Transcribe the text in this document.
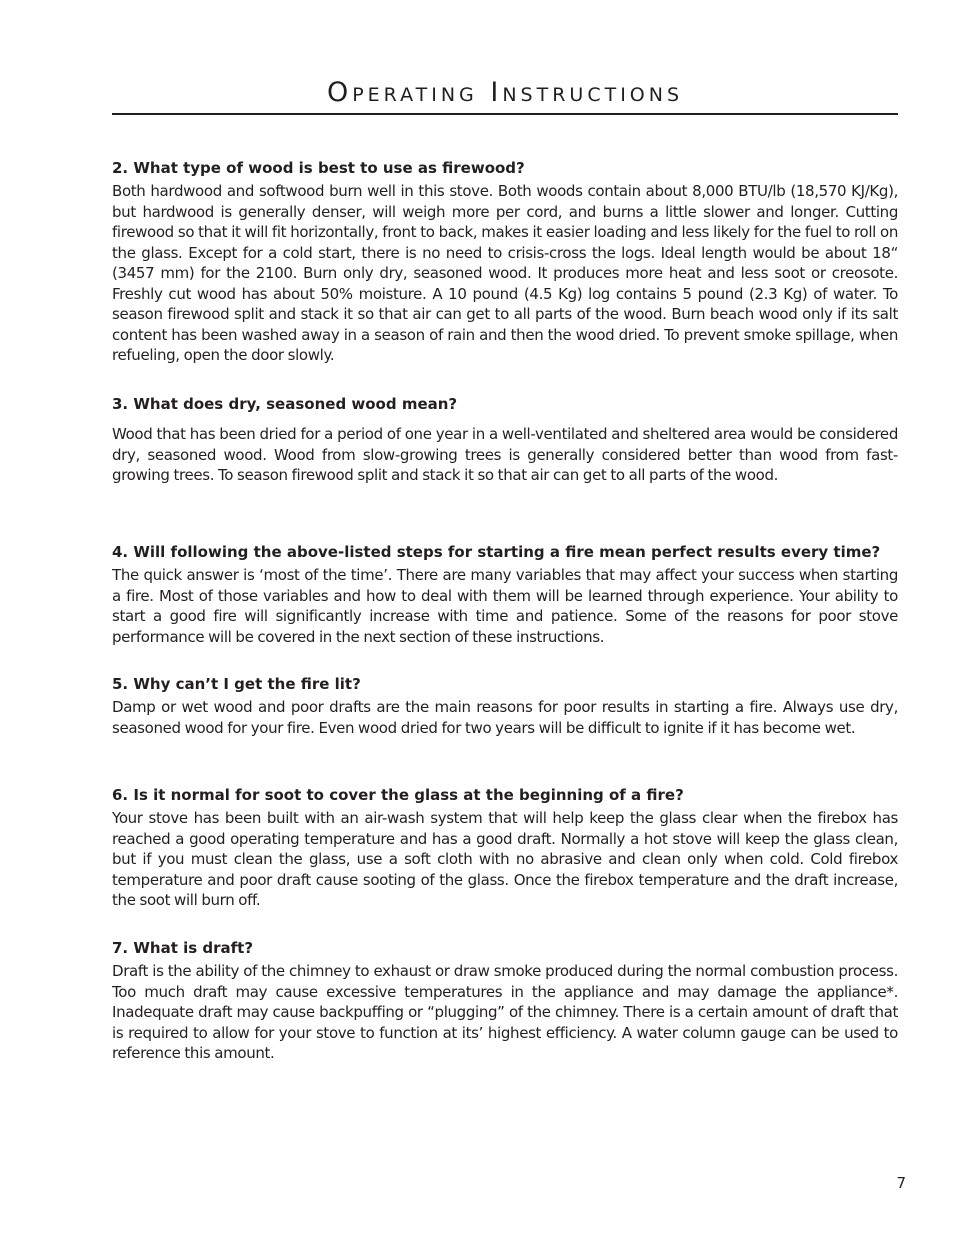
Operating Instructions

2. What type of wood is best to use as firewood?

Both hardwood and softwood burn well in this stove. Both woods contain about 8,000 BTU/lb (18,570 KJ/Kg), but hardwood is generally denser, will weigh more per cord, and burns a little slower and longer. Cutting firewood so that it will fit horizontally, front to back, makes it easier loading and less likely for the fuel to roll on the glass. Except for a cold start, there is no need to crisis-cross the logs. Ideal length would be about 18“ (3457 mm) for the 2100. Burn only dry, seasoned wood. It produces more heat and less soot or creosote. Freshly cut wood has about 50% moisture. A 10 pound (4.5 Kg) log contains 5 pound (2.3 Kg) of water. To season firewood split and stack it so that air can get to all parts of the wood. Burn beach wood only if its salt content has been washed away in a season of rain and then the wood dried. To prevent smoke spillage, when refueling, open the door slowly.

3. What does dry, seasoned wood mean?

Wood that has been dried for a period of one year in a well-ventilated and sheltered area would be considered dry, seasoned wood. Wood from slow-growing trees is generally considered better than wood from fast-growing trees. To season firewood split and stack it so that air can get to all parts of the wood.

4. Will following the above-listed steps for starting a fire mean perfect results every time?

The quick answer is ‘most of the time’. There are many variables that may affect your success when starting a fire. Most of those variables and how to deal with them will be learned through experience. Your ability to start a good fire will significantly increase with time and patience. Some of the reasons for poor stove performance will be covered in the next section of these instructions.

5. Why can’t I get the fire lit?

Damp or wet wood and poor drafts are the main reasons for poor results in starting a fire. Always use dry, seasoned wood for your fire. Even wood dried for two years will be difficult to ignite if it has become wet.

6. Is it normal for soot to cover the glass at the beginning of a fire?

Your stove has been built with an air-wash system that will help keep the glass clear when the firebox has reached a good operating temperature and has a good draft. Normally a hot stove will keep the glass clean, but if you must clean the glass, use a soft cloth with no abrasive and clean only when cold. Cold firebox temperature and poor draft cause sooting of the glass. Once the firebox temperature and the draft increase, the soot will burn off.

7. What is draft?

Draft is the ability of the chimney to exhaust or draw smoke produced during the normal combustion process. Too much draft may cause excessive temperatures in the appliance and may damage the appliance*. Inadequate draft may cause backpuffing or “plugging” of the chimney. There is a certain amount of draft that is required to allow for your stove to function at its’ highest efficiency. A water column gauge can be used to reference this amount.

7
